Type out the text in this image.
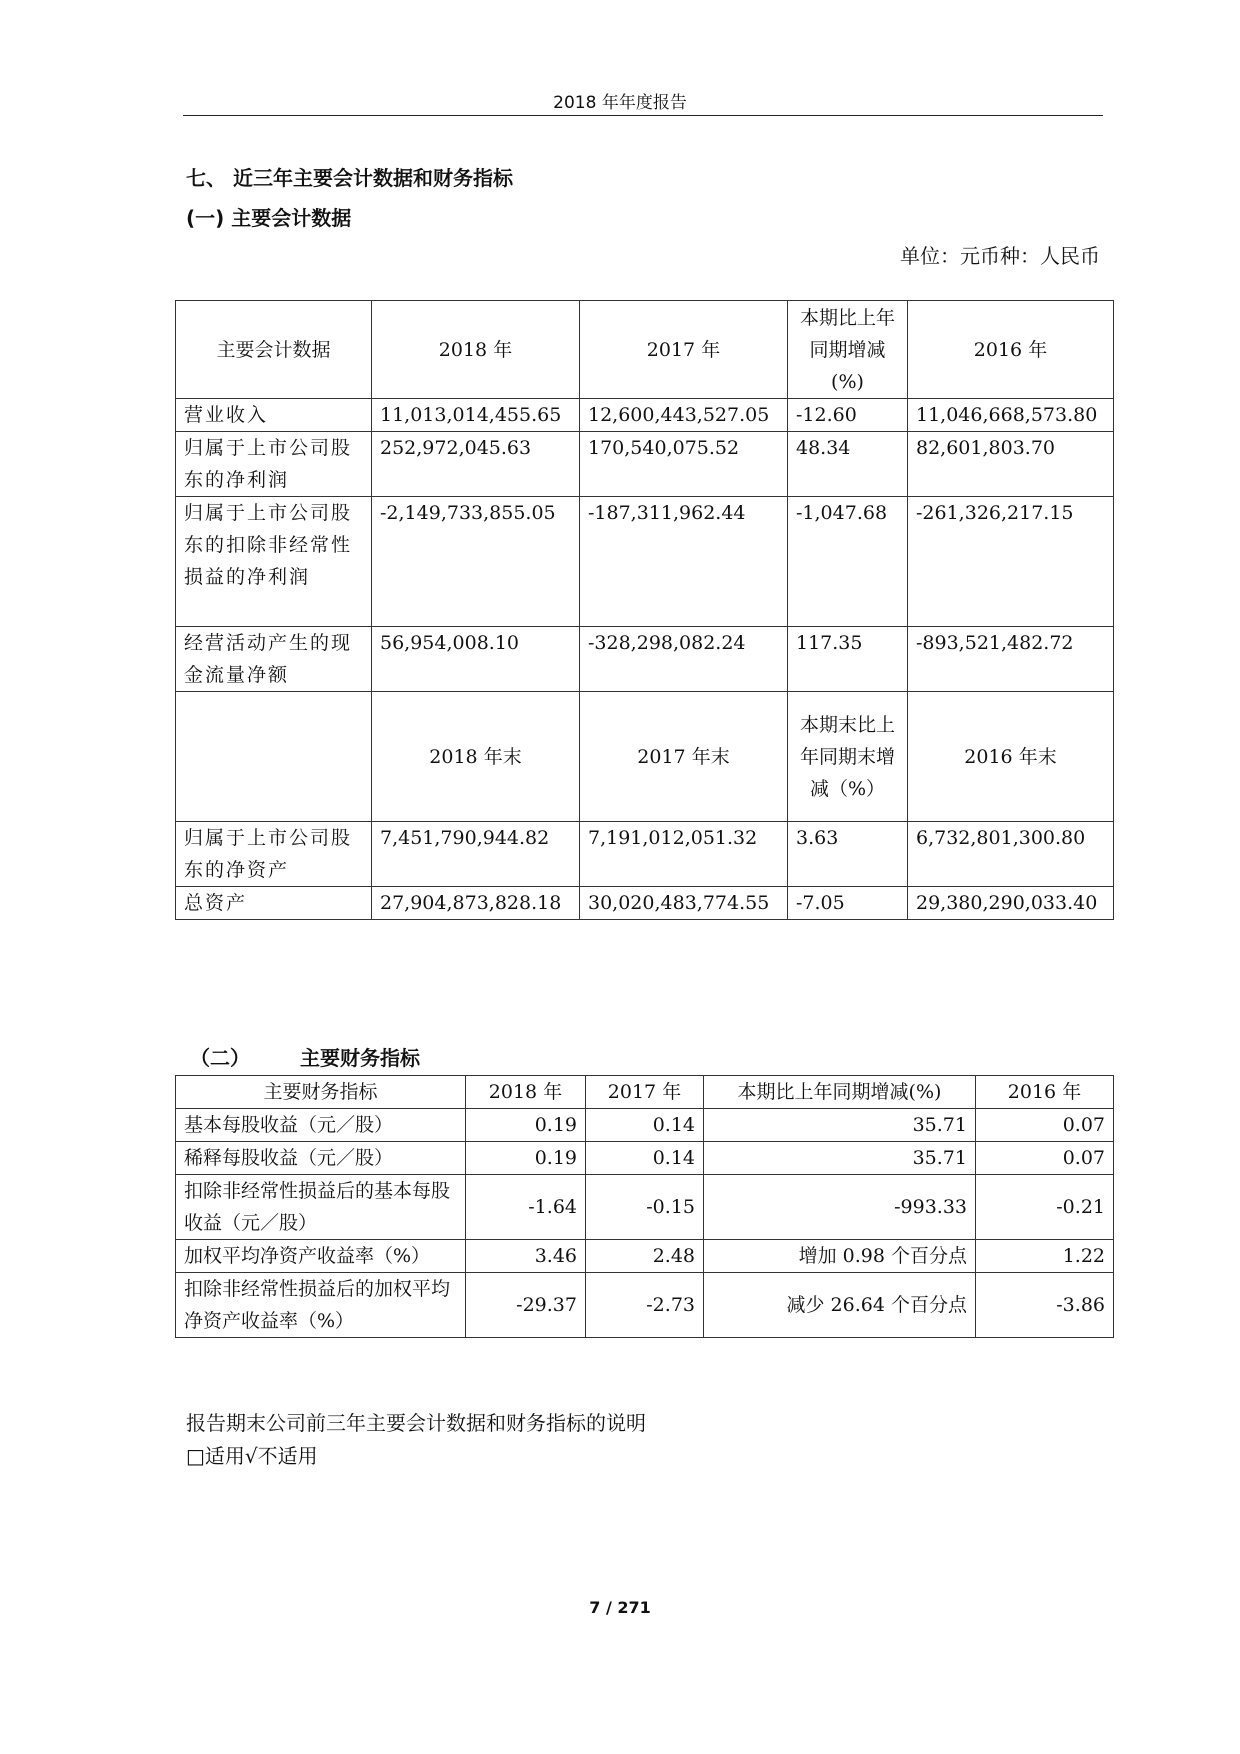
2018 年年度报告
七、 近三年主要会计数据和财务指标
(一) 主要会计数据
单位：元币种：人民币
主要会计数据	2018 年	2017 年	本期比上年同期增减(%)	2016 年
营业收入	11,013,014,455.65	12,600,443,527.05	-12.60	11,046,668,573.80
归属于上市公司股东的净利润	252,972,045.63	170,540,075.52	48.34	82,601,803.70
归属于上市公司股东的扣除非经常性损益的净利润	-2,149,733,855.05	-187,311,962.44	-1,047.68	-261,326,217.15
经营活动产生的现金流量净额	56,954,008.10	-328,298,082.24	117.35	-893,521,482.72
	2018 年末	2017 年末	本期末比上年同期末增减（%）	2016 年末
归属于上市公司股东的净资产	7,451,790,944.82	7,191,012,051.32	3.63	6,732,801,300.80
总资产	27,904,873,828.18	30,020,483,774.55	-7.05	29,380,290,033.40
（二）	主要财务指标
主要财务指标	2018 年	2017 年	本期比上年同期增减(%)	2016 年
基本每股收益（元／股）	0.19	0.14	35.71	0.07
稀释每股收益（元／股）	0.19	0.14	35.71	0.07
扣除非经常性损益后的基本每股收益（元／股）	-1.64	-0.15	-993.33	-0.21
加权平均净资产收益率（%）	3.46	2.48	增加 0.98 个百分点	1.22
扣除非经常性损益后的加权平均净资产收益率（%）	-29.37	-2.73	减少 26.64 个百分点	-3.86
报告期末公司前三年主要会计数据和财务指标的说明
□适用√不适用
7 / 271
